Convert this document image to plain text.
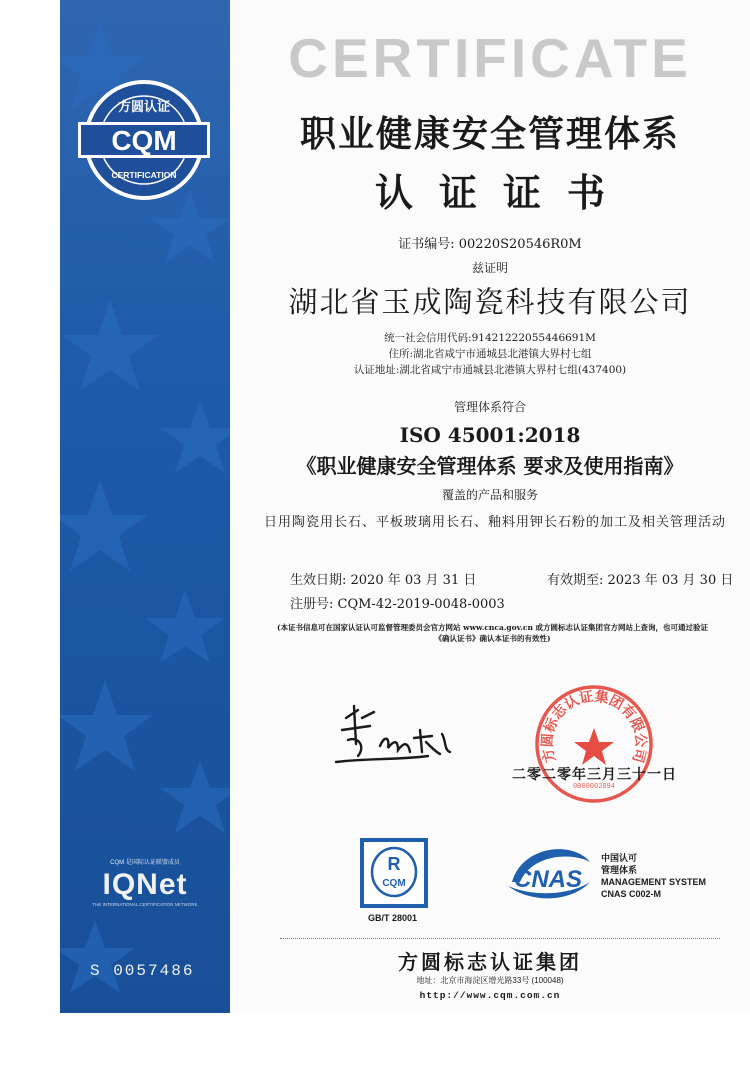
CQM
方圆认证
CERTIFICATION
CQM 是国际认证联盟成员
IQNet
THE INTERNATIONAL CERTIFICATION NETWORK
S 0057486
CERTIFICATE
职业健康安全管理体系
认证证书
证书编号: 00220S20546R0M
兹证明
湖北省玉成陶瓷科技有限公司
统一社会信用代码:91421222055446691M
住所:湖北省咸宁市通城县北港镇大界村七组
认证地址:湖北省咸宁市通城县北港镇大界村七组(437400)
管理体系符合
ISO 45001:2018
《职业健康安全管理体系 要求及使用指南》
覆盖的产品和服务
日用陶瓷用长石、平板玻璃用长石、釉料用钾长石粉的加工及相关管理活动
生效日期: 2020 年 03 月 31 日	有效期至: 2023 年 03 月 30 日
注册号: CQM-42-2019-0048-0003
(本证书信息可在国家认证认可监督管理委员会官方网站 www.cnca.gov.cn 或方圆标志认证集团官方网站上查询，也可通过验证
《确认证书》确认本证书的有效性)
方圆标志认证集团有限公司
0000002894
二零二零年三月三十一日
R
CQM
GB/T 28001
CNAS
中国认可
管理体系
MANAGEMENT SYSTEM
CNAS C002-M
方圆标志认证集团
地址：北京市海淀区增光路33号 (100048)
http://www.cqm.com.cn
